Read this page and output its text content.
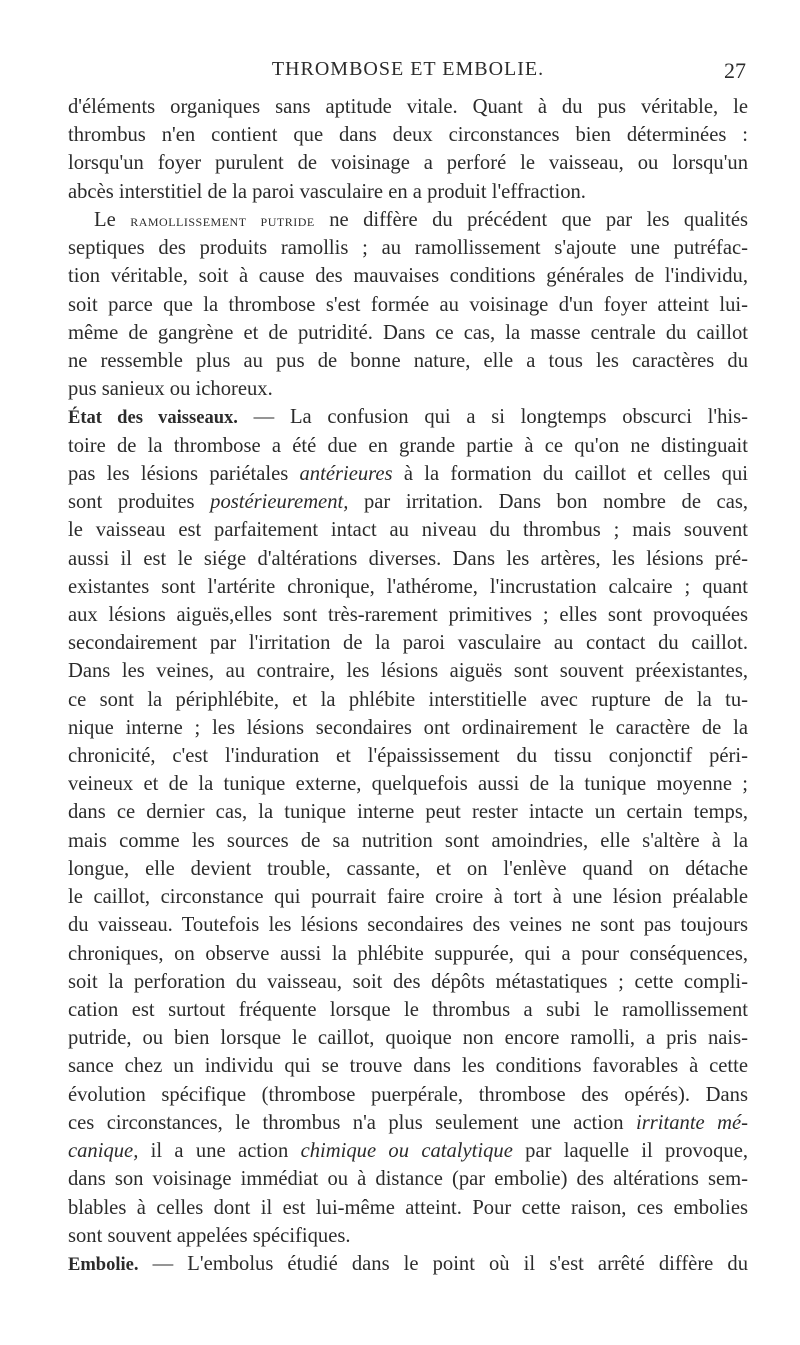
THROMBOSE ET EMBOLIE.	27
d'éléments organiques sans aptitude vitale. Quant à du pus véritable, le
thrombus n'en contient que dans deux circonstances bien déterminées :
lorsqu'un foyer purulent de voisinage a perforé le vaisseau, ou lorsqu'un
abcès interstitiel de la paroi vasculaire en a produit l'effraction.
Le ramollissement putride ne diffère du précédent que par les qualités
septiques des produits ramollis ; au ramollissement s'ajoute une putréfac-
tion véritable, soit à cause des mauvaises conditions générales de l'individu,
soit parce que la thrombose s'est formée au voisinage d'un foyer atteint lui-
même de gangrène et de putridité. Dans ce cas, la masse centrale du caillot
ne ressemble plus au pus de bonne nature, elle a tous les caractères du
pus sanieux ou ichoreux.
État des vaisseaux. — La confusion qui a si longtemps obscurci l'his-
toire de la thrombose a été due en grande partie à ce qu'on ne distinguait
pas les lésions pariétales antérieures à la formation du caillot et celles qui
sont produites postérieurement, par irritation. Dans bon nombre de cas,
le vaisseau est parfaitement intact au niveau du thrombus ; mais souvent
aussi il est le siége d'altérations diverses. Dans les artères, les lésions pré-
existantes sont l'artérite chronique, l'athérome, l'incrustation calcaire ; quant
aux lésions aiguës,elles sont très-rarement primitives ; elles sont provoquées
secondairement par l'irritation de la paroi vasculaire au contact du caillot.
Dans les veines, au contraire, les lésions aiguës sont souvent préexistantes,
ce sont la périphlébite, et la phlébite interstitielle avec rupture de la tu-
nique interne ; les lésions secondaires ont ordinairement le caractère de la
chronicité, c'est l'induration et l'épaississement du tissu conjonctif péri-
veineux et de la tunique externe, quelquefois aussi de la tunique moyenne ;
dans ce dernier cas, la tunique interne peut rester intacte un certain temps,
mais comme les sources de sa nutrition sont amoindries, elle s'altère à la
longue, elle devient trouble, cassante, et on l'enlève quand on détache
le caillot, circonstance qui pourrait faire croire à tort à une lésion préalable
du vaisseau. Toutefois les lésions secondaires des veines ne sont pas toujours
chroniques, on observe aussi la phlébite suppurée, qui a pour conséquences,
soit la perforation du vaisseau, soit des dépôts métastatiques ; cette compli-
cation est surtout fréquente lorsque le thrombus a subi le ramollissement
putride, ou bien lorsque le caillot, quoique non encore ramolli, a pris nais-
sance chez un individu qui se trouve dans les conditions favorables à cette
évolution spécifique (thrombose puerpérale, thrombose des opérés). Dans
ces circonstances, le thrombus n'a plus seulement une action irritante mé-
canique, il a une action chimique ou catalytique par laquelle il provoque,
dans son voisinage immédiat ou à distance (par embolie) des altérations sem-
blables à celles dont il est lui-même atteint. Pour cette raison, ces embolies
sont souvent appelées spécifiques.
Embolie. — L'embolus étudié dans le point où il s'est arrêté diffère du
